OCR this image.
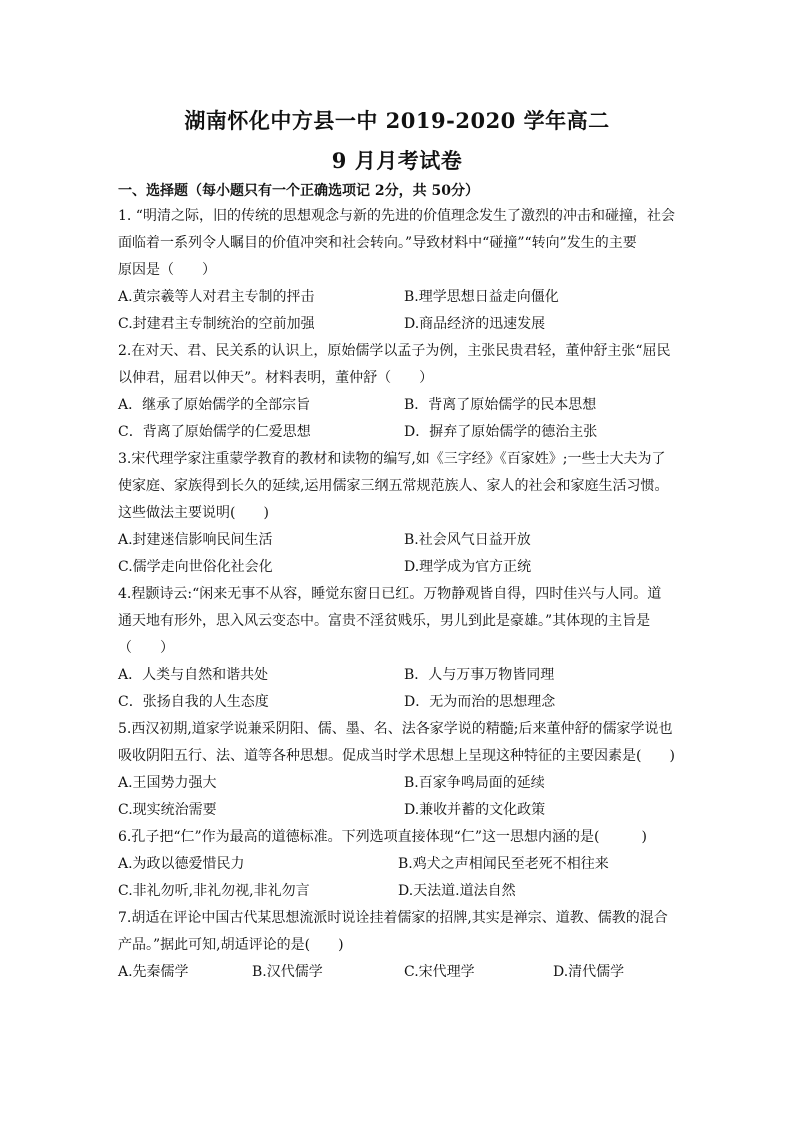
湖南怀化中方县一中 2019-2020 学年高二
9 月月考试卷
一、选择题（每小题只有一个正确选项记 2分，共 50分）
1. “明清之际，旧的传统的思想观念与新的先进的价值理念发生了激烈的冲击和碰撞，社会
面临着一系列令人瞩目的价值冲突和社会转向。”导致材料中“碰撞”“转向”发生的主要
原因是（　　）
A.黄宗羲等人对君主专制的抨击	B.理学思想日益走向僵化
C.封建君主专制统治的空前加强	D.商品经济的迅速发展
2.在对天、君、民关系的认识上，原始儒学以孟子为例，主张民贵君轻，董仲舒主张“屈民
以伸君，屈君以伸天”。材料表明，董仲舒（　　）
A．继承了原始儒学的全部宗旨	B．背离了原始儒学的民本思想
C．背离了原始儒学的仁爱思想	D．摒弃了原始儒学的德治主张
3.宋代理学家注重蒙学教育的教材和读物的编写,如《三字经》《百家姓》;一些士大夫为了
使家庭、家族得到长久的延续,运用儒家三纲五常规范族人、家人的社会和家庭生活习惯。
这些做法主要说明(　　)
A.封建迷信影响民间生活	B.社会风气日益开放
C.儒学走向世俗化社会化	D.理学成为官方正统
4.程颢诗云:“闲来无事不从容，睡觉东窗日已红。万物静观皆自得，四时佳兴与人同。道
通天地有形外，思入风云变态中。富贵不淫贫贱乐，男儿到此是豪雄。”其体现的主旨是
（　　）
A．人类与自然和谐共处	B．人与万事万物皆同理
C．张扬自我的人生态度	D．无为而治的思想理念
5.西汉初期,道家学说兼采阴阳、儒、墨、名、法各家学说的精髓;后来董仲舒的儒家学说也
吸收阴阳五行、法、道等各种思想。促成当时学术思想上呈现这种特征的主要因素是(　　)
A.王国势力强大	B.百家争鸣局面的延续
C.现实统治需要	D.兼收并蓄的文化政策
6.孔子把“仁”作为最高的道德标准。下列选项直接体现“仁”这一思想内涵的是(　　　)
A.为政以德爱惜民力	B.鸡犬之声相闻民至老死不相往来
C.非礼勿听,非礼勿视,非礼勿言	D.天法道.道法自然
7.胡适在评论中国古代某思想流派时说诠挂着儒家的招牌,其实是禅宗、道教、儒教的混合
产品。”据此可知,胡适评论的是(　　)
A.先秦儒学	B.汉代儒学	C.宋代理学	D.清代儒学
